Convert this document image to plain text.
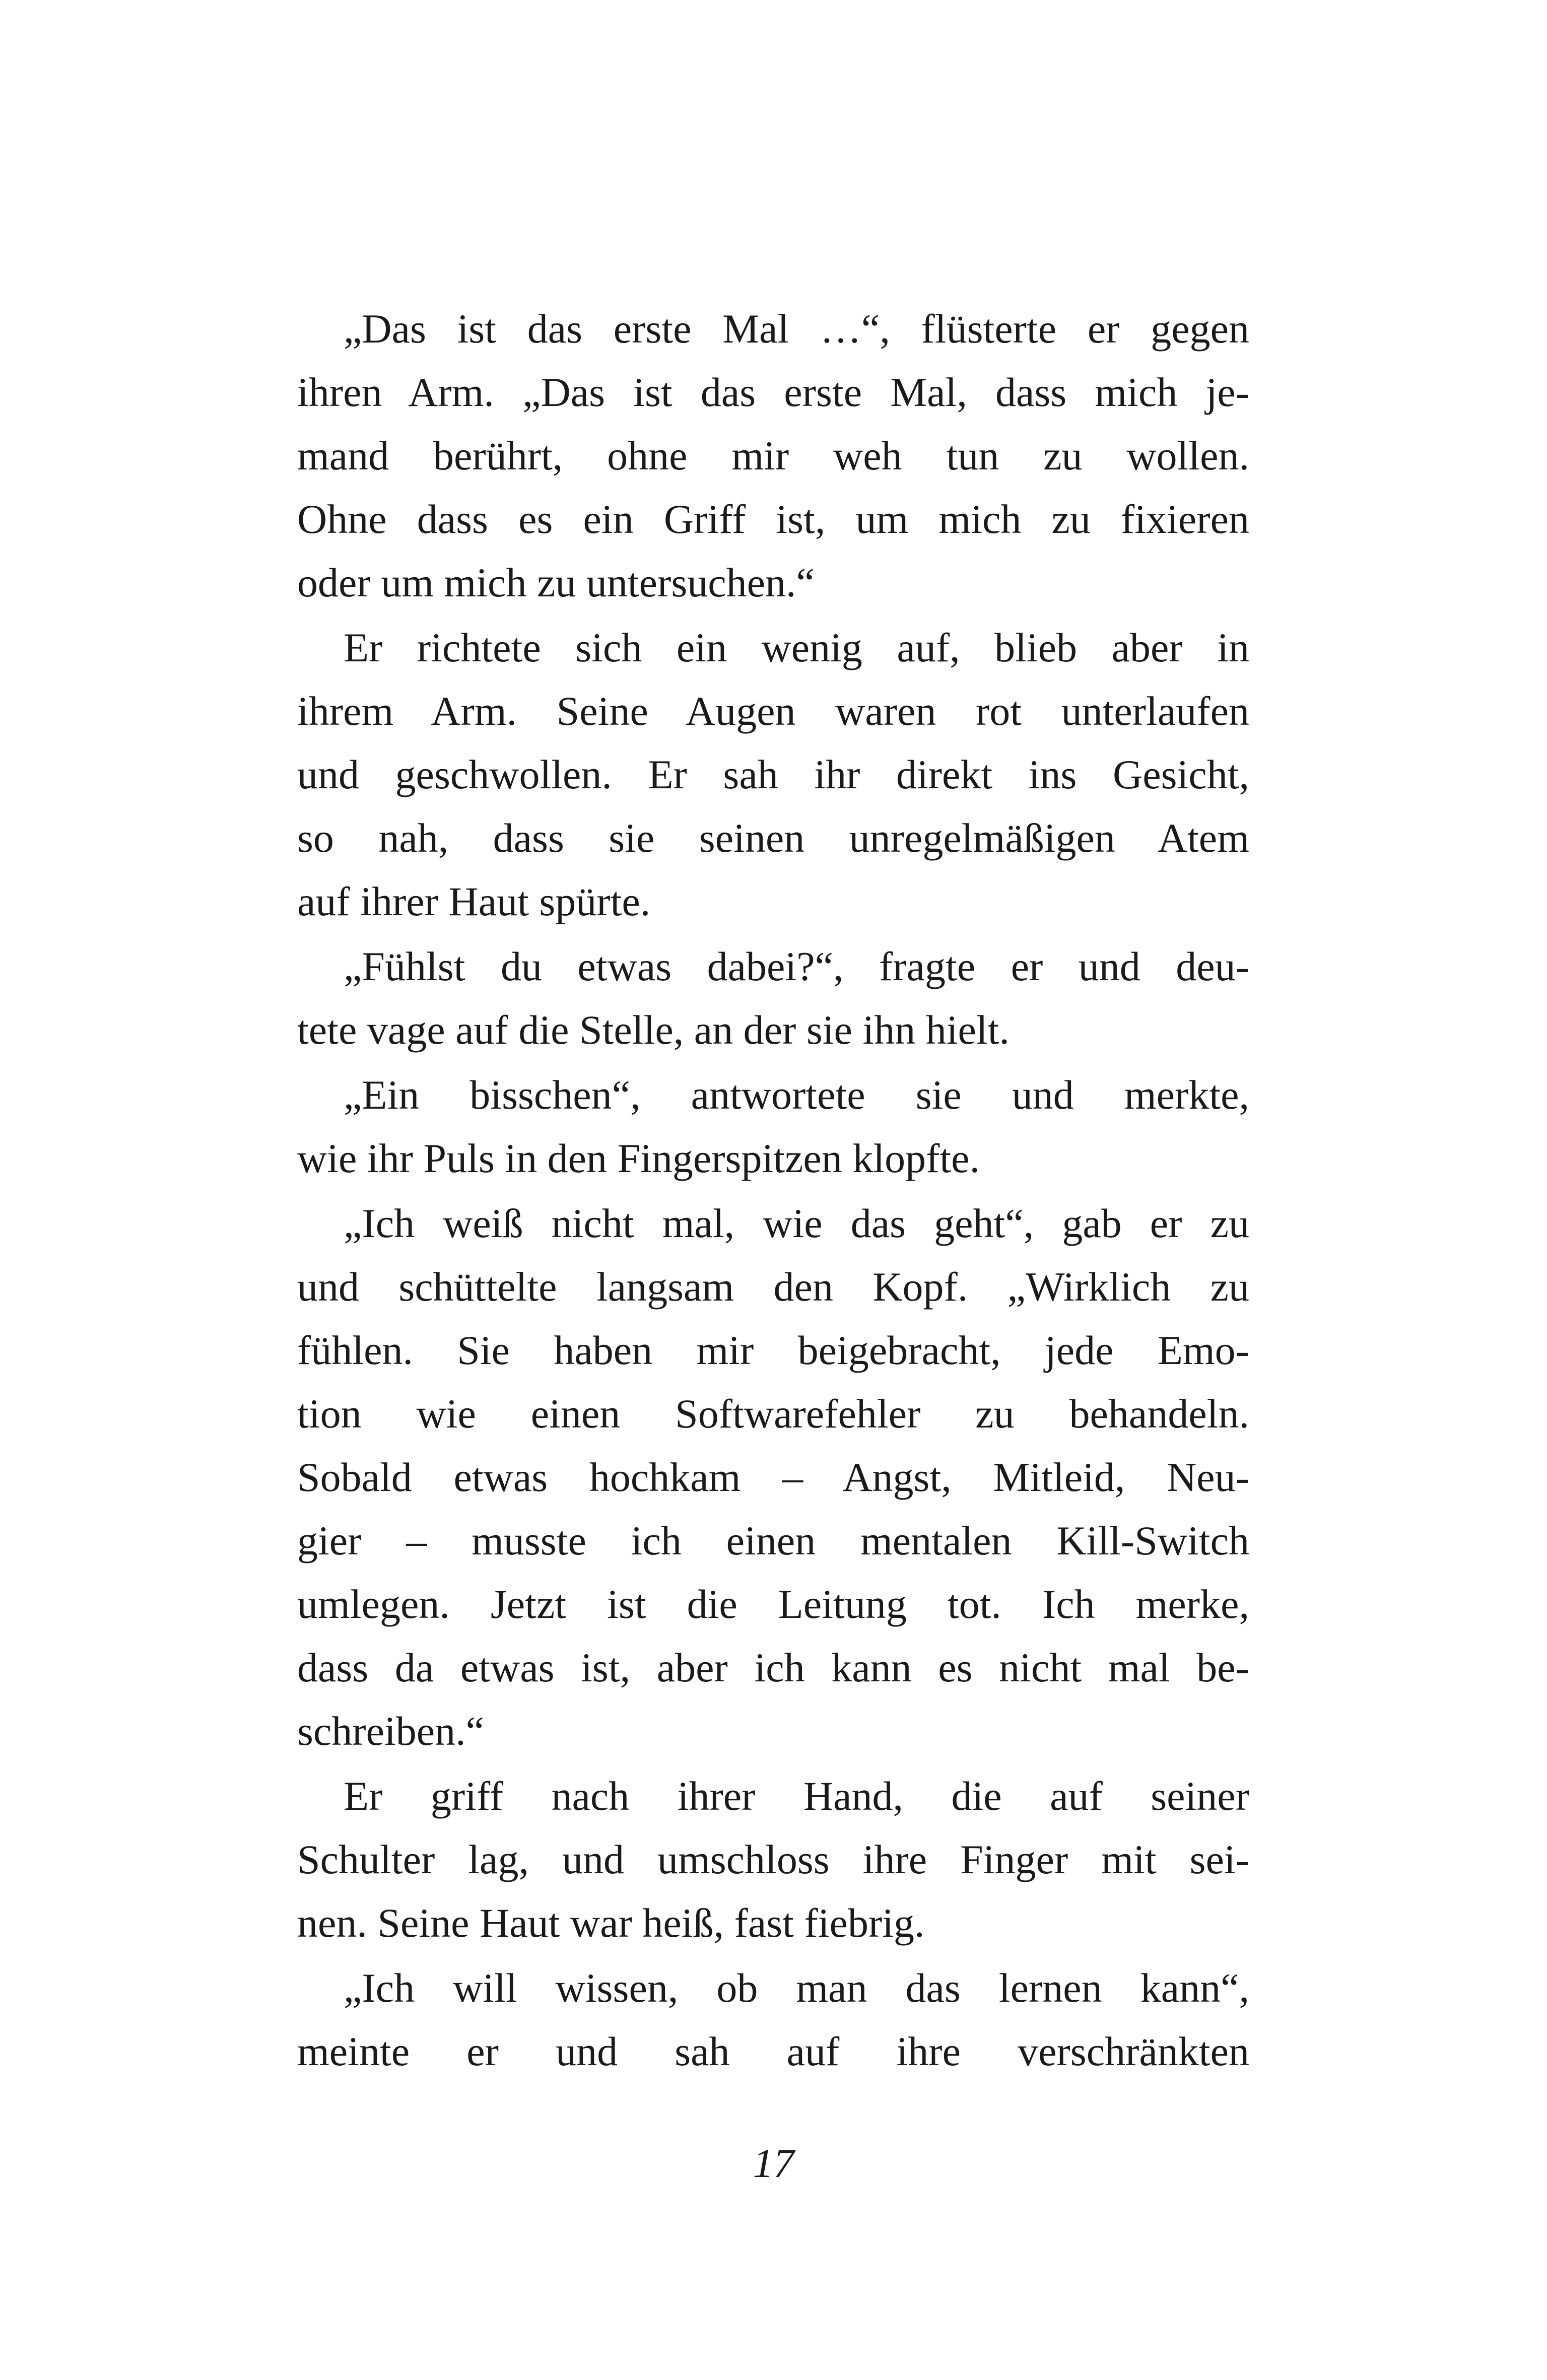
„Das ist das erste Mal …“, flüsterte er gegen
ihren Arm. „Das ist das erste Mal, dass mich je-
mand berührt, ohne mir weh tun zu wollen.
Ohne dass es ein Griff ist, um mich zu fixieren
oder um mich zu untersuchen.“
Er richtete sich ein wenig auf, blieb aber in
ihrem Arm. Seine Augen waren rot unterlaufen
und geschwollen. Er sah ihr direkt ins Gesicht,
so nah, dass sie seinen unregelmäßigen Atem
auf ihrer Haut spürte.
„Fühlst du etwas dabei?“, fragte er und deu-
tete vage auf die Stelle, an der sie ihn hielt.
„Ein bisschen“, antwortete sie und merkte,
wie ihr Puls in den Fingerspitzen klopfte.
„Ich weiß nicht mal, wie das geht“, gab er zu
und schüttelte langsam den Kopf. „Wirklich zu
fühlen. Sie haben mir beigebracht, jede Emo-
tion wie einen Softwarefehler zu behandeln.
Sobald etwas hochkam – Angst, Mitleid, Neu-
gier – musste ich einen mentalen Kill-Switch
umlegen. Jetzt ist die Leitung tot. Ich merke,
dass da etwas ist, aber ich kann es nicht mal be-
schreiben.“
Er griff nach ihrer Hand, die auf seiner
Schulter lag, und umschloss ihre Finger mit sei-
nen. Seine Haut war heiß, fast fiebrig.
„Ich will wissen, ob man das lernen kann“,
meinte er und sah auf ihre verschränkten
17
